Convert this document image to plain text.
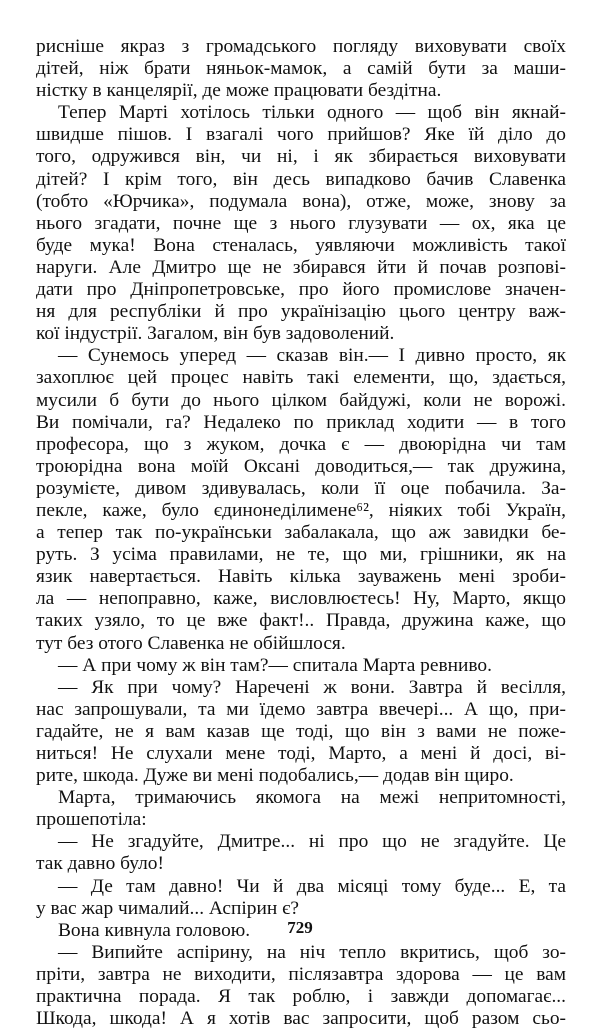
рисніше якраз з громадського погляду виховувати своїх
дітей, ніж брати няньок-мамок, а самій бути за маши-
ністку в канцелярії, де може працювати бездітна.
Тепер Марті хотілось тільки одного — щоб він якнай-
швидше пішов. І взагалі чого прийшов? Яке їй діло до
того, одружився він, чи ні, і як збирається виховувати
дітей? І крім того, він десь випадково бачив Славенка
(тобто «Юрчика», подумала вона), отже, може, знову за
нього згадати, почне ще з нього глузувати — ох, яка це
буде мука! Вона стеналась, уявляючи можливість такої
наруги. Але Дмитро ще не збирався йти й почав розпові-
дати про Дніпропетровське, про його промислове значен-
ня для республіки й про українізацію цього центру важ-
кої індустрії. Загалом, він був задоволений.
— Сунемось уперед — сказав він.— І дивно просто, як
захоплює цей процес навіть такі елементи, що, здається,
мусили б бути до нього цілком байдужі, коли не ворожі.
Ви помічали, га? Недалеко по приклад ходити — в того
професора, що з жуком, дочка є — двоюрідна чи там
троюрідна вона моїй Оксані доводиться,— так дружина,
розумієте, дивом здивувалась, коли її оце побачила. За-
пекле, каже, було єдинонеділимене⁶², ніяких тобі Україн,
а тепер так по-українськи забалакала, що аж завидки бе-
руть. З усіма правилами, не те, що ми, грішники, як на
язик навертається. Навіть кілька зауважень мені зроби-
ла — непоправно, каже, висловлюєтесь! Ну, Марто, якщо
таких узяло, то це вже факт!.. Правда, дружина каже, що
тут без отого Славенка не обійшлося.
— А при чому ж він там?— спитала Марта ревниво.
— Як при чому? Наречені ж вони. Завтра й весілля,
нас запрошували, та ми їдемо завтра ввечері... А що, при-
гадайте, не я вам казав ще тоді, що він з вами не поже-
ниться! Не слухали мене тоді, Марто, а мені й досі, ві-
рите, шкода. Дуже ви мені подобались,— додав він щиро.
Марта, тримаючись якомога на межі непритомності,
прошепотіла:
— Не згадуйте, Дмитре... ні про що не згадуйте. Це
так давно було!
— Де там давно! Чи й два місяці тому буде... Е, та
у вас жар чималий... Аспірин є?
Вона кивнула головою.
— Випийте аспірину, на ніч тепло вкритись, щоб зо-
пріти, завтра не виходити, післязавтра здорова — це вам
практична порада. Я так роблю, і завжди допомагає...
Шкода, шкода! А я хотів вас запросити, щоб разом сьо-
729
